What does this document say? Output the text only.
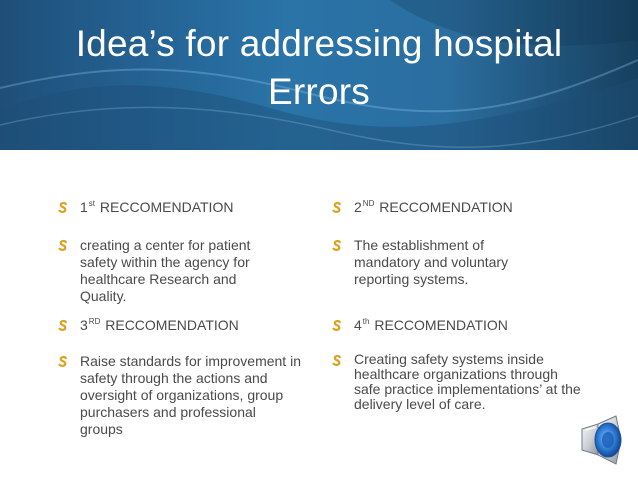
Idea’s for addressing hospital
Errors
1st RECCOMENDATION
creating a center for patient safety within the agency for healthcare Research and Quality.
3RD RECCOMENDATION
Raise standards for improvement in safety through the actions and oversight of organizations, group purchasers and professional groups
2ND RECCOMENDATION
The establishment of mandatory and voluntary reporting systems.
4th RECCOMENDATION
Creating safety systems inside healthcare organizations through safe practice implementations’ at the delivery level of care.
